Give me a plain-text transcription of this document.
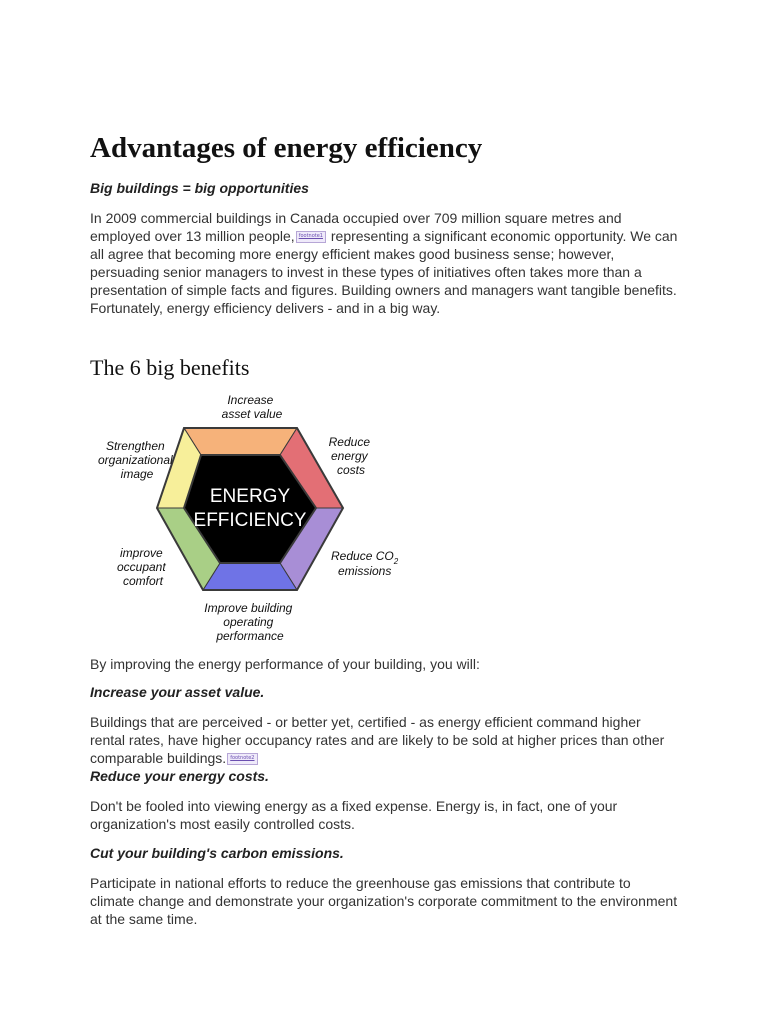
Advantages of energy efficiency

Big buildings = big opportunities

In 2009 commercial buildings in Canada occupied over 709 million square metres and employed over 13 million people, footnote1 representing a significant economic opportunity. We can all agree that becoming more energy efficient makes good business sense; however, persuading senior managers to invest in these types of initiatives often takes more than a presentation of simple facts and figures. Building owners and managers want tangible benefits. Fortunately, energy efficiency delivers - and in a big way.

The 6 big benefits
ENERGY
EFFICIENCY
Increase asset value
Reduce energy costs
Reduce $CO_2$
emissions
Improve building operating performance
improve occupant comfort
Strengthen organizational image

By improving the energy performance of your building, you will:

Increase your asset value.

Buildings that are perceived - or better yet, certified - as energy efficient command higher rental rates, have higher occupancy rates and are likely to be sold at higher prices than other comparable buildings. footnote2

Reduce your energy costs.

Don't be fooled into viewing energy as a fixed expense. Energy is, in fact, one of your organization's most easily controlled costs.

Cut your building's carbon emissions.

Participate in national efforts to reduce the greenhouse gas emissions that contribute to climate change and demonstrate your organization's corporate commitment to the environment at the same time.
